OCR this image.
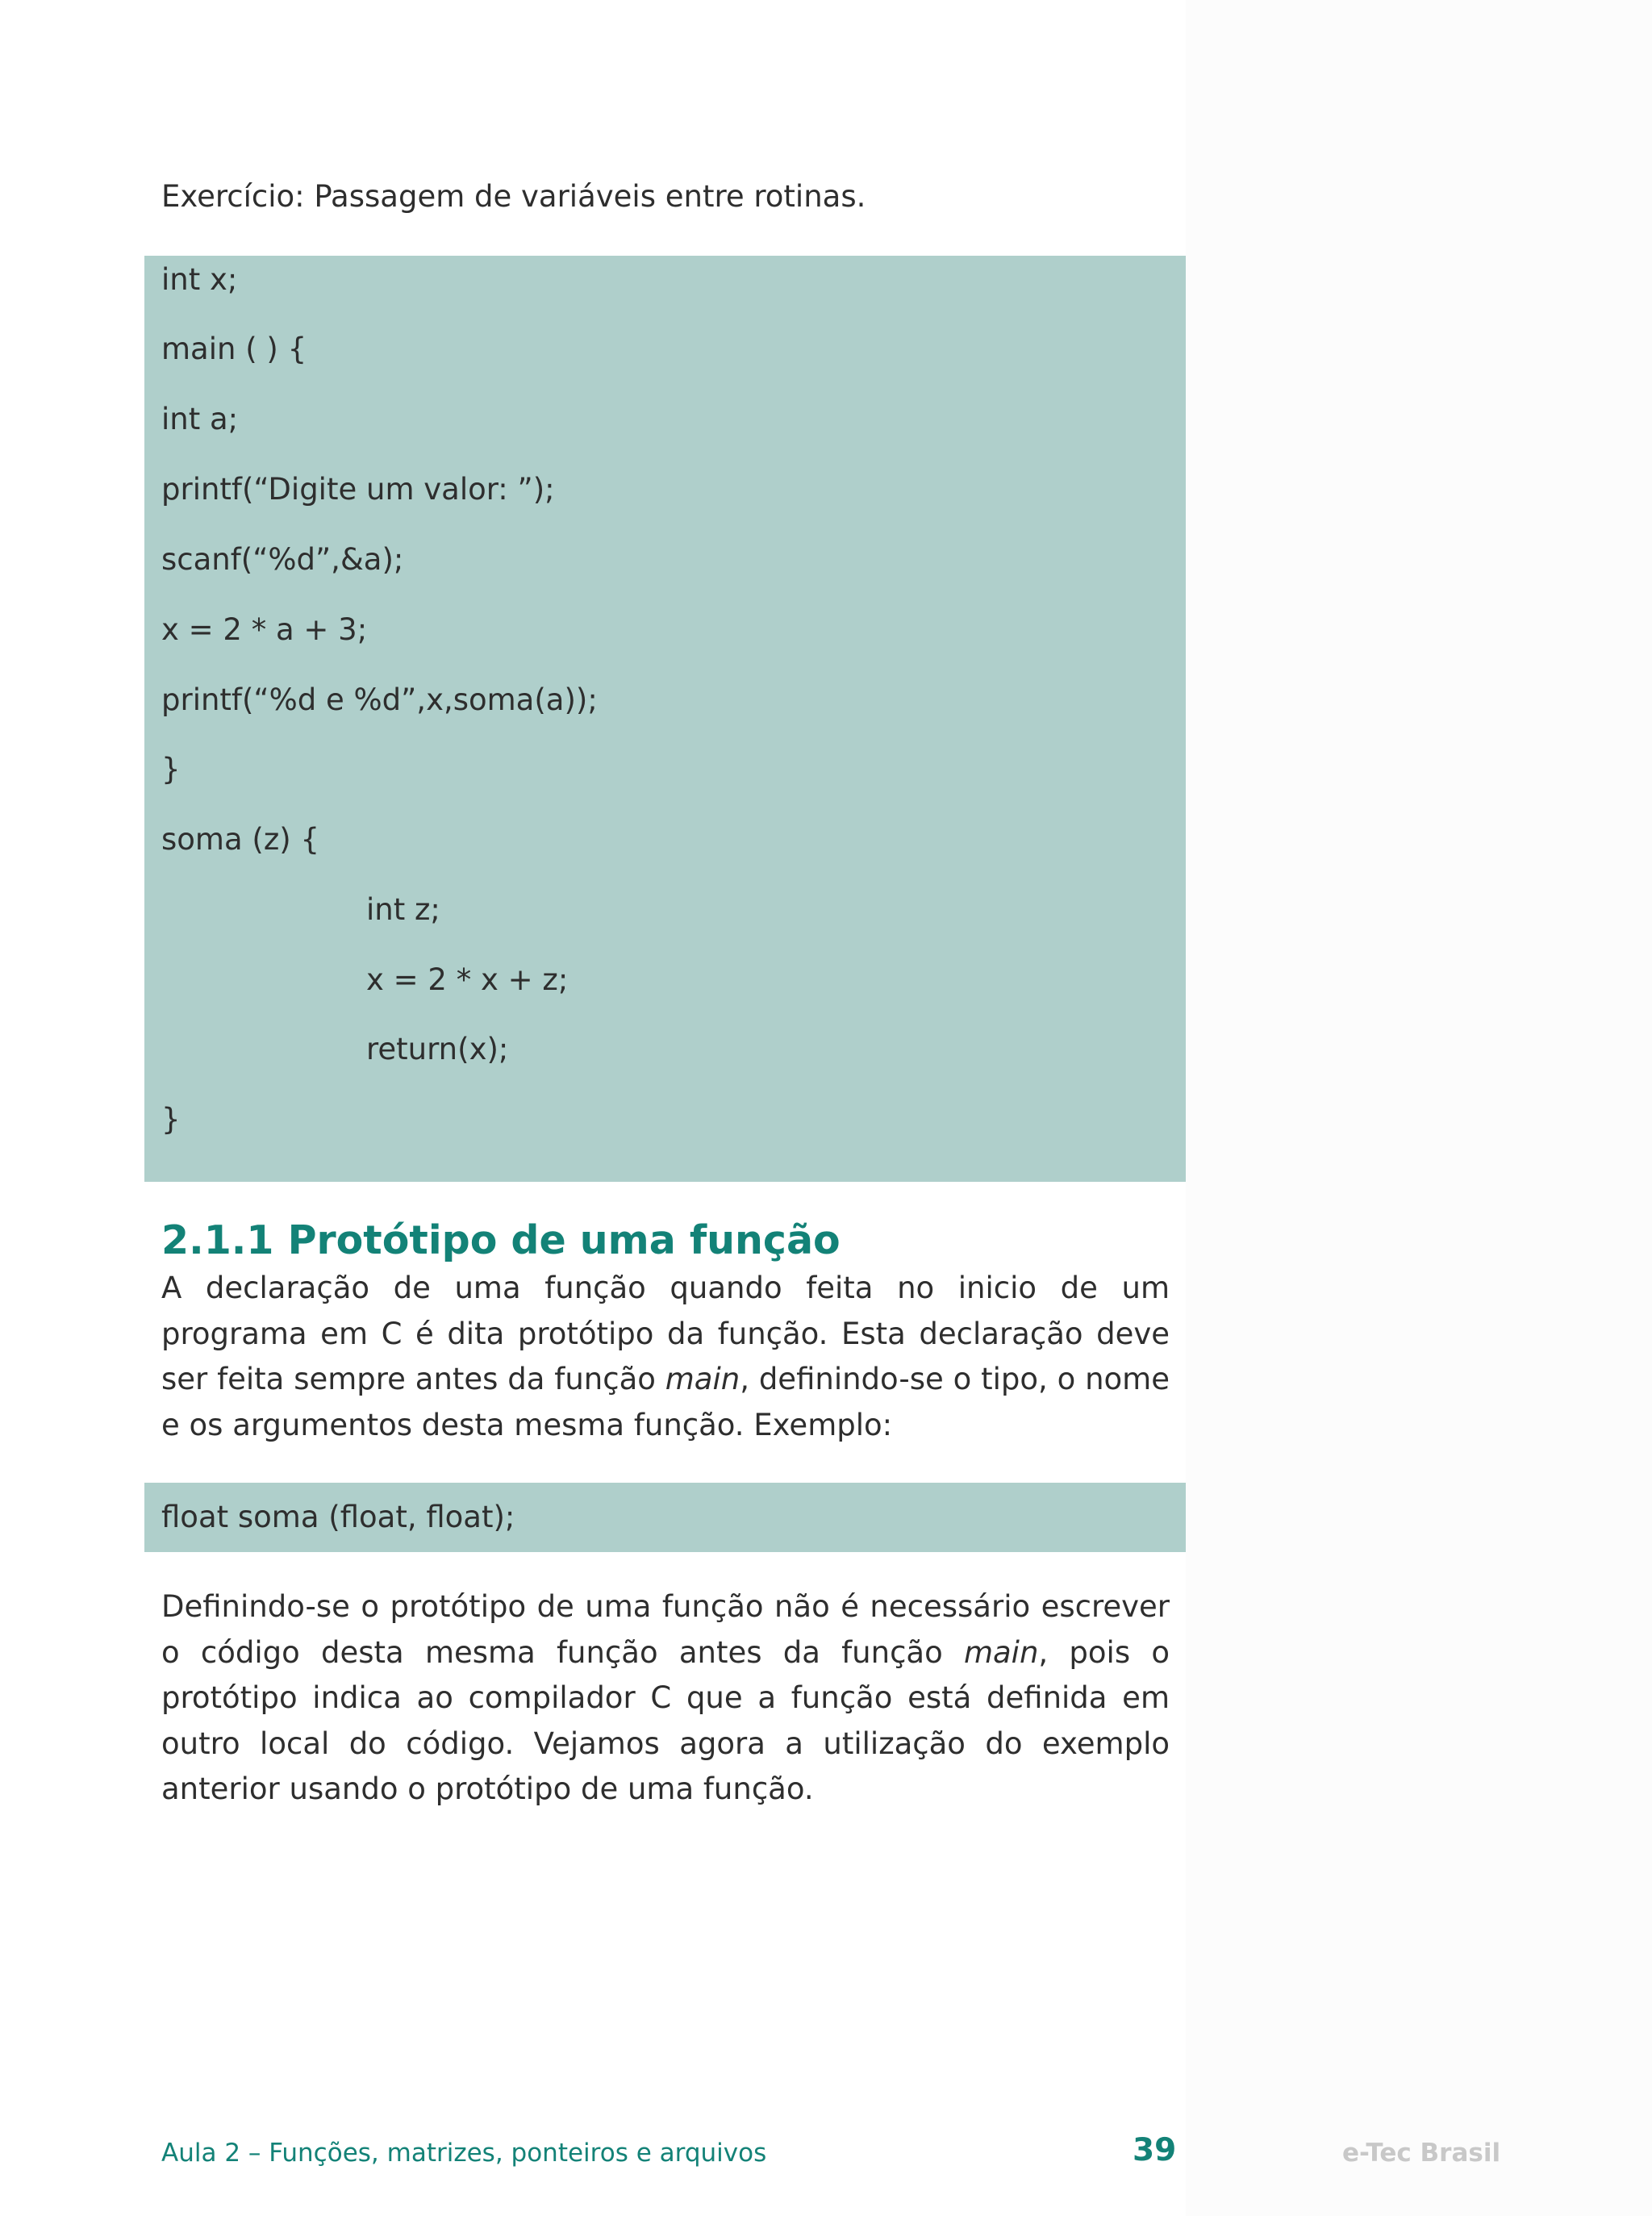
Exercício: Passagem de variáveis entre rotinas.

int x;
main ( ) {
int a;
printf(“Digite um valor: ”);
scanf(“%d”,&a);
x = 2 * a + 3;
printf(“%d e %d”,x,soma(a));
}
soma (z) {
int z;
x = 2 * x + z;
return(x);
}
2.1.1 Protótipo de uma função

A declaração de uma função quando feita no inicio de um programa em C é dita protótipo da função. Esta declaração deve ser feita sempre antes da função main, definindo-se o tipo, o nome e os argumentos desta mesma função. Exemplo:

float soma (float, float);

Definindo-se o protótipo de uma função não é necessário escrever o código desta mesma função antes da função main, pois o protótipo indica ao compilador C que a função está definida em outro local do código. Vejamos agora a utilização do exemplo anterior usando o protótipo de uma função.

Aula 2 – Funções, matrizes, ponteiros e arquivos	39	e-Tec Brasil
